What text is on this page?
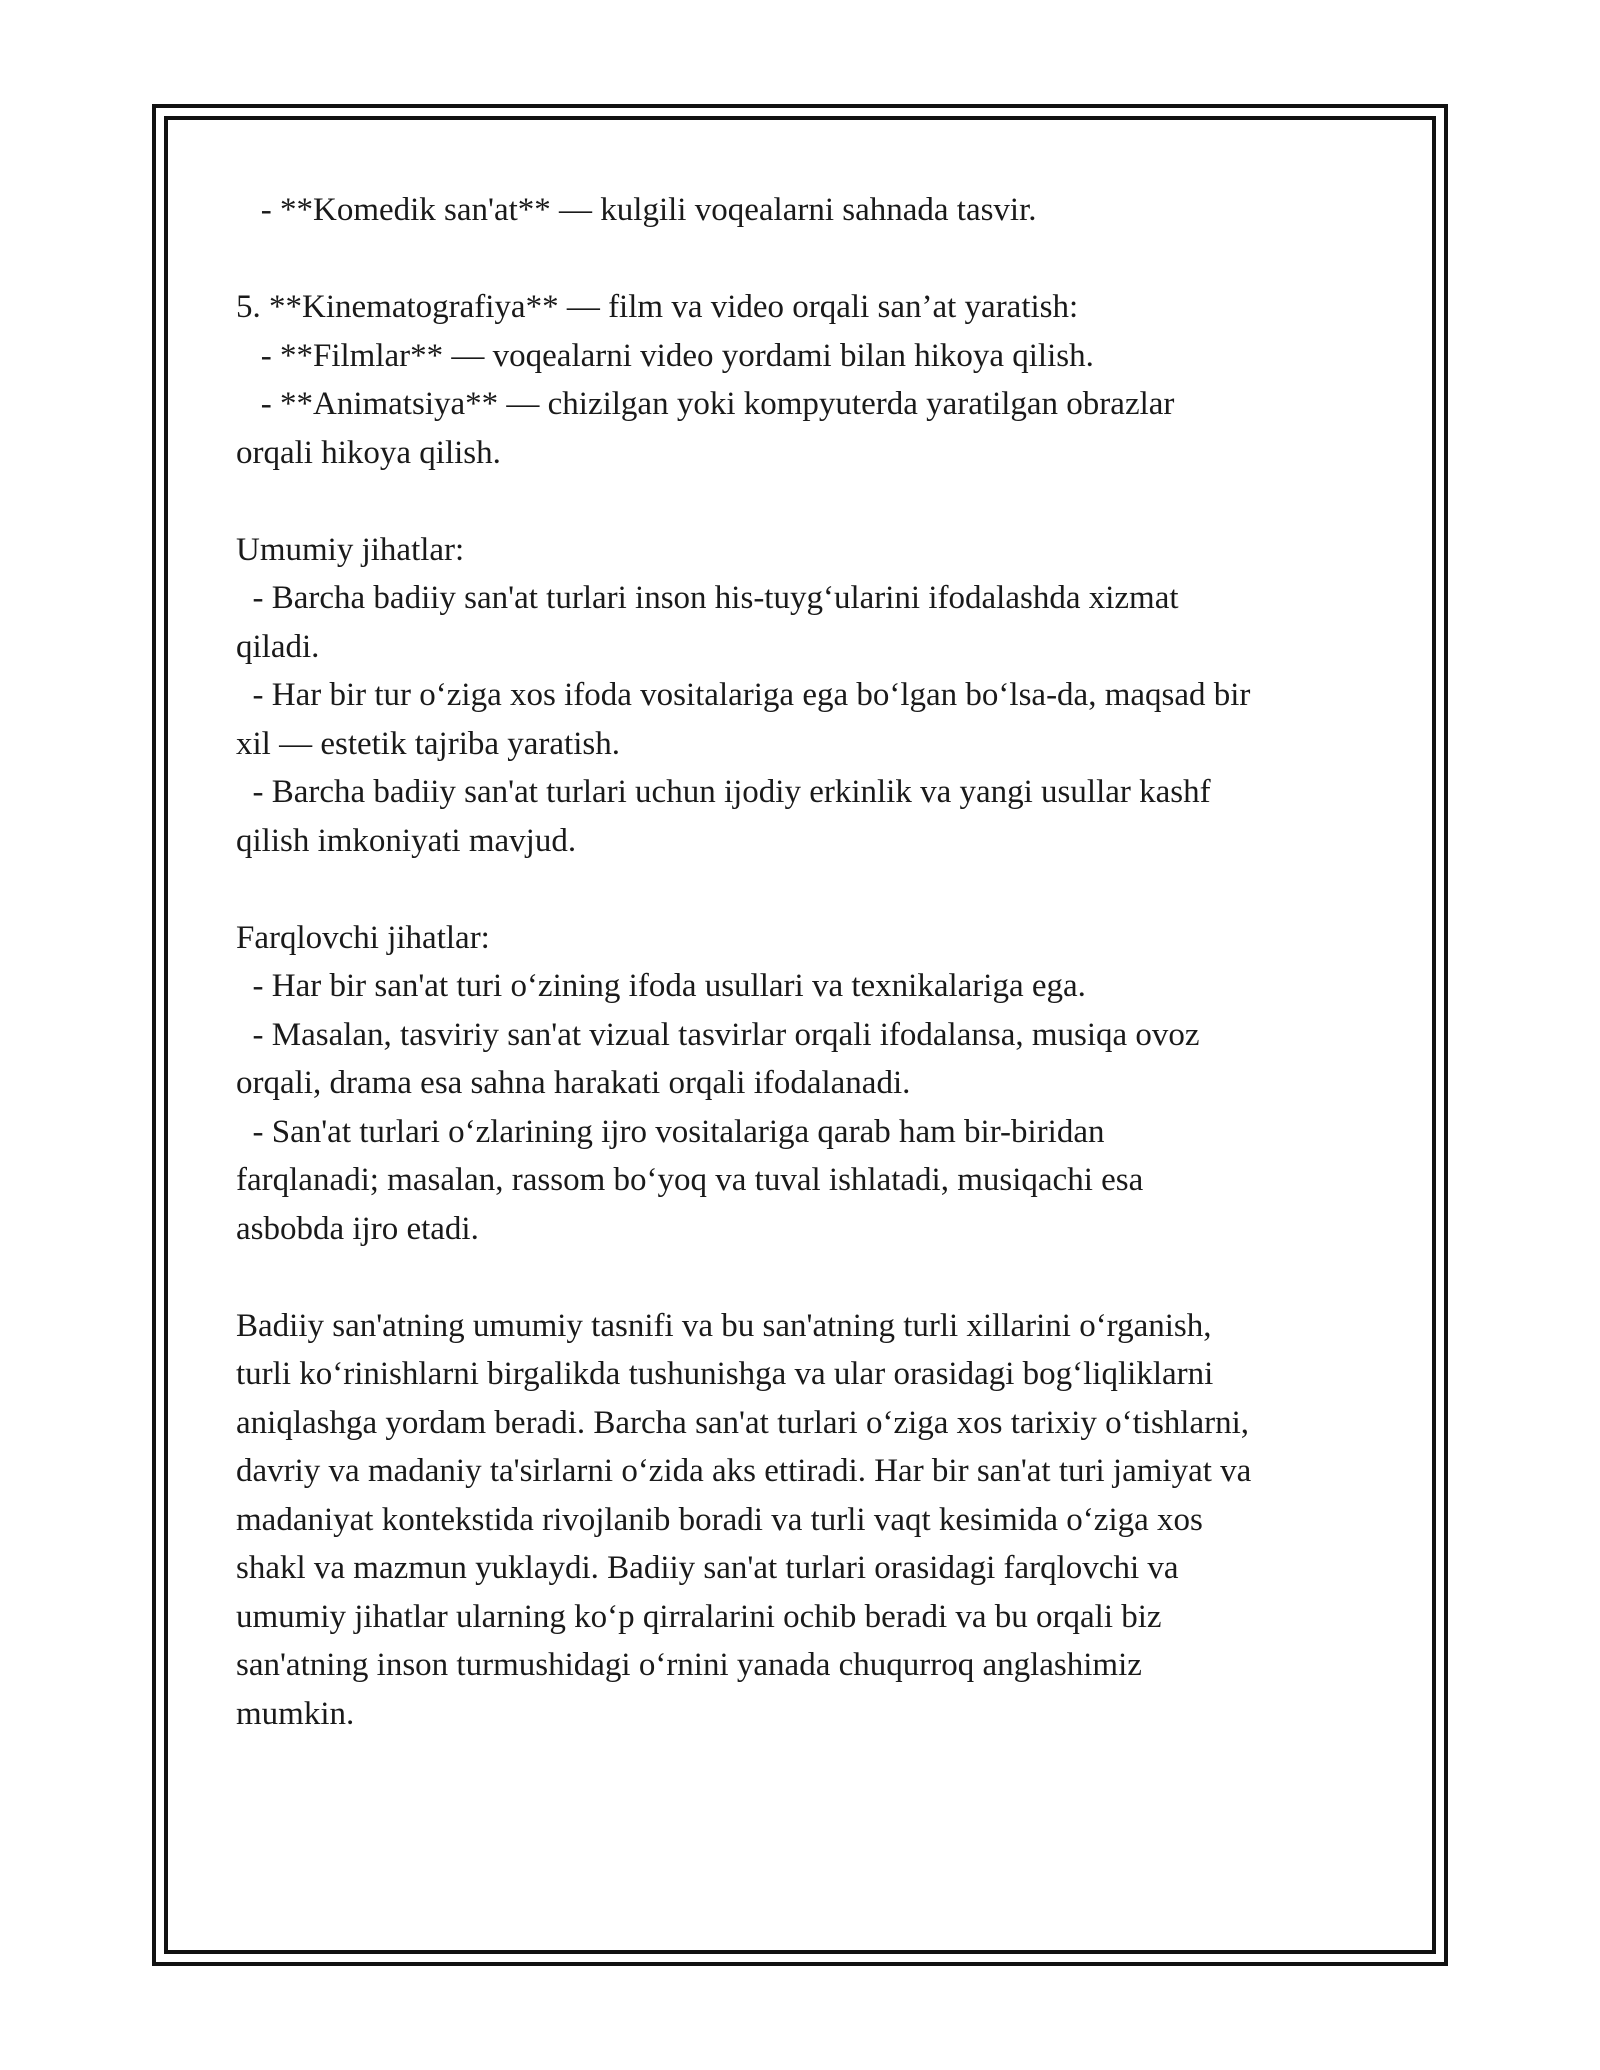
- **Komedik san'at** — kulgili voqealarni sahnada tasvir.
5. **Kinematografiya** — film va video orqali san’at yaratish:
- **Filmlar** — voqealarni video yordami bilan hikoya qilish.
- **Animatsiya** — chizilgan yoki kompyuterda yaratilgan obrazlar
orqali hikoya qilish.
Umumiy jihatlar:
- Barcha badiiy san'at turlari inson his-tuyg‘ularini ifodalashda xizmat
qiladi.
- Har bir tur o‘ziga xos ifoda vositalariga ega bo‘lgan bo‘lsa-da, maqsad bir
xil — estetik tajriba yaratish.
- Barcha badiiy san'at turlari uchun ijodiy erkinlik va yangi usullar kashf
qilish imkoniyati mavjud.
Farqlovchi jihatlar:
- Har bir san'at turi o‘zining ifoda usullari va texnikalariga ega.
- Masalan, tasviriy san'at vizual tasvirlar orqali ifodalansa, musiqa ovoz
orqali, drama esa sahna harakati orqali ifodalanadi.
- San'at turlari o‘zlarining ijro vositalariga qarab ham bir-biridan
farqlanadi; masalan, rassom bo‘yoq va tuval ishlatadi, musiqachi esa
asbobda ijro etadi.
Badiiy san'atning umumiy tasnifi va bu san'atning turli xillarini o‘rganish,
turli ko‘rinishlarni birgalikda tushunishga va ular orasidagi bog‘liqliklarni
aniqlashga yordam beradi. Barcha san'at turlari o‘ziga xos tarixiy o‘tishlarni,
davriy va madaniy ta'sirlarni o‘zida aks ettiradi. Har bir san'at turi jamiyat va
madaniyat kontekstida rivojlanib boradi va turli vaqt kesimida o‘ziga xos
shakl va mazmun yuklaydi. Badiiy san'at turlari orasidagi farqlovchi va
umumiy jihatlar ularning ko‘p qirralarini ochib beradi va bu orqali biz
san'atning inson turmushidagi o‘rnini yanada chuqurroq anglashimiz
mumkin.
